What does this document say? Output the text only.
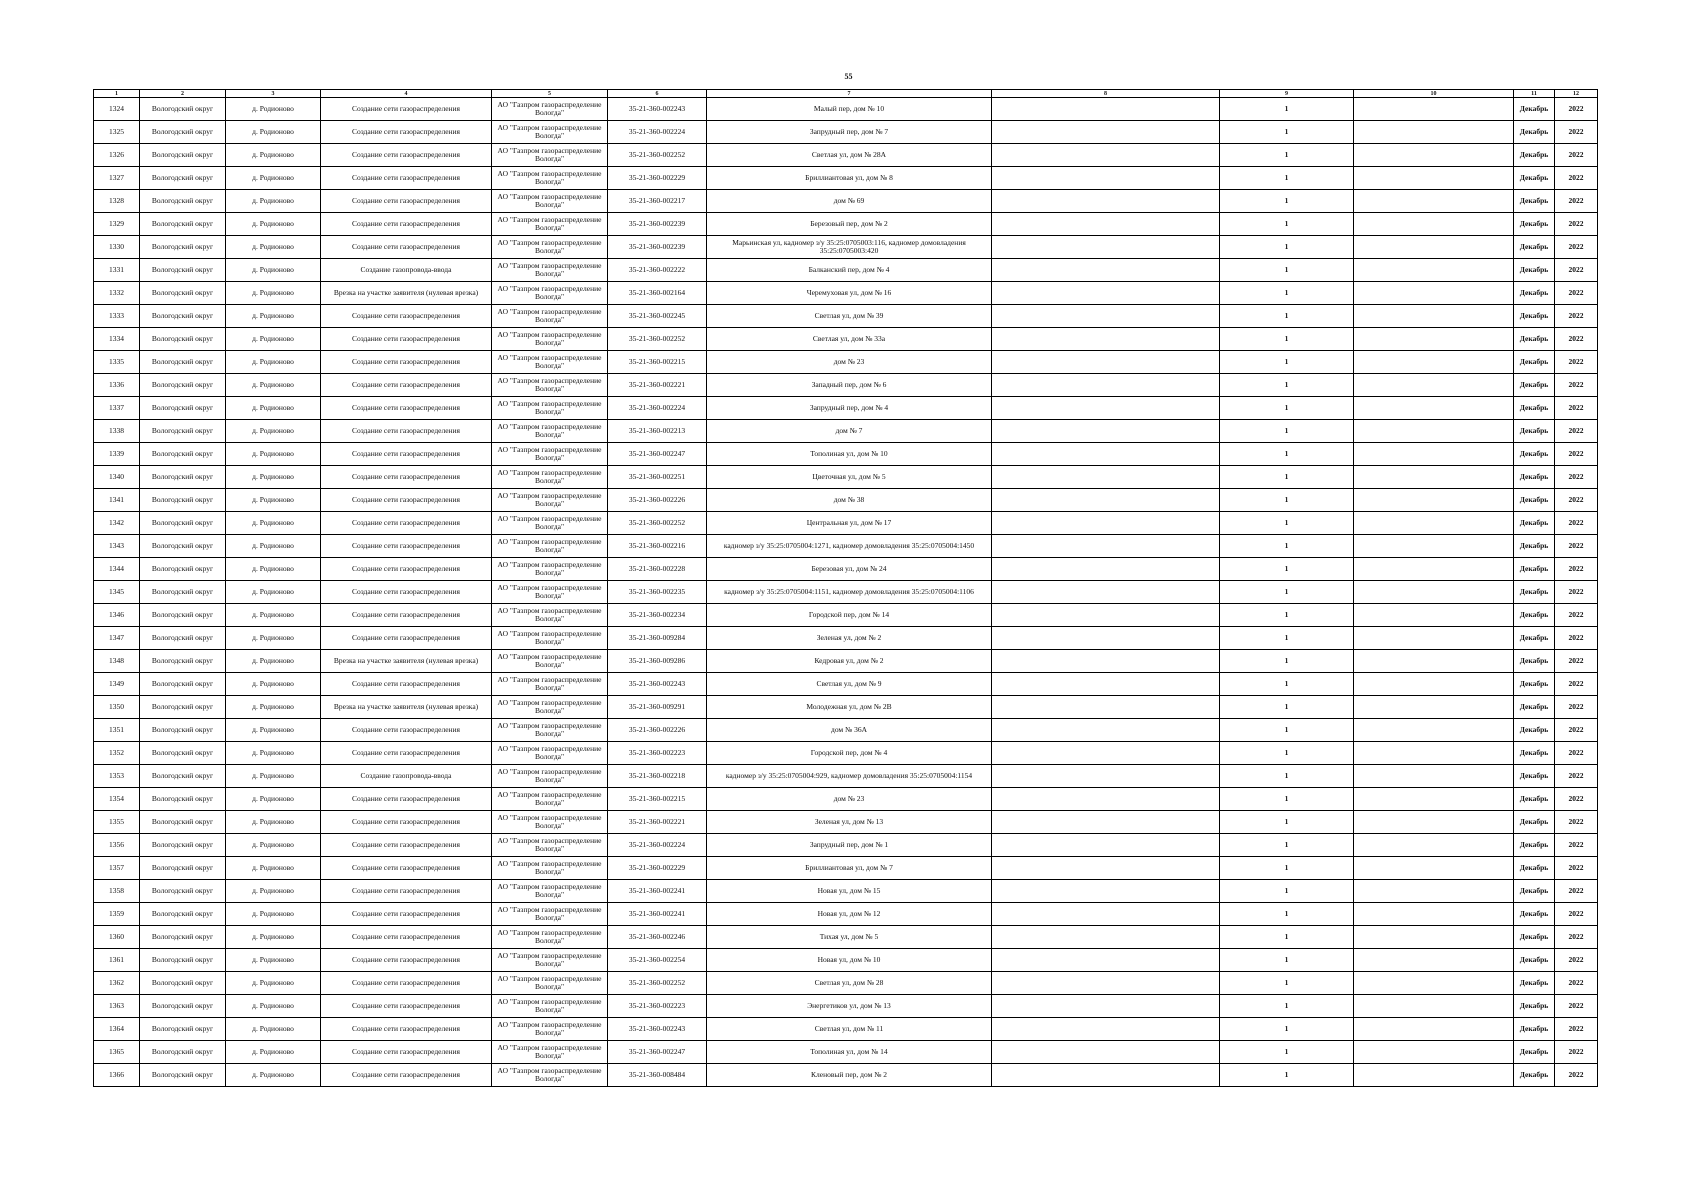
55
1	2	3	4	5	6	7	8	9	10	11	12
1324	Вологодский округ	д. Родионово	Создание сети газораспределения	АО "Газпром газораспределение Вологда"	35-21-360-002243	Малый пер, дом № 10		1		Декабрь	2022
1325	Вологодский округ	д. Родионово	Создание сети газораспределения	АО "Газпром газораспределение Вологда"	35-21-360-002224	Запрудный пер, дом № 7		1		Декабрь	2022
1326	Вологодский округ	д. Родионово	Создание сети газораспределения	АО "Газпром газораспределение Вологда"	35-21-360-002252	Светлая ул, дом № 28А		1		Декабрь	2022
1327	Вологодский округ	д. Родионово	Создание сети газораспределения	АО "Газпром газораспределение Вологда"	35-21-360-002229	Бриллиантовая ул, дом № 8		1		Декабрь	2022
1328	Вологодский округ	д. Родионово	Создание сети газораспределения	АО "Газпром газораспределение Вологда"	35-21-360-002217	дом № 69		1		Декабрь	2022
1329	Вологодский округ	д. Родионово	Создание сети газораспределения	АО "Газпром газораспределение Вологда"	35-21-360-002239	Березовый пер, дом № 2		1		Декабрь	2022
1330	Вологодский округ	д. Родионово	Создание сети газораспределения	АО "Газпром газораспределение Вологда"	35-21-360-002239	Марьинская ул, кадномер з/у 35:25:0705003:116, кадномер домовладения 35:25:0705003:420		1		Декабрь	2022
1331	Вологодский округ	д. Родионово	Создание газопровода-ввода	АО "Газпром газораспределение Вологда"	35-21-360-002222	Балканский пер, дом № 4		1		Декабрь	2022
1332	Вологодский округ	д. Родионово	Врезка на участке заявителя (нулевая врезка)	АО "Газпром газораспределение Вологда"	35-21-360-002164	Черемуховая ул, дом № 16		1		Декабрь	2022
1333	Вологодский округ	д. Родионово	Создание сети газораспределения	АО "Газпром газораспределение Вологда"	35-21-360-002245	Светлая ул, дом № 39		1		Декабрь	2022
1334	Вологодский округ	д. Родионово	Создание сети газораспределения	АО "Газпром газораспределение Вологда"	35-21-360-002252	Светлая ул, дом № 33а		1		Декабрь	2022
1335	Вологодский округ	д. Родионово	Создание сети газораспределения	АО "Газпром газораспределение Вологда"	35-21-360-002215	дом № 23		1		Декабрь	2022
1336	Вологодский округ	д. Родионово	Создание сети газораспределения	АО "Газпром газораспределение Вологда"	35-21-360-002221	Западный пер, дом № 6		1		Декабрь	2022
1337	Вологодский округ	д. Родионово	Создание сети газораспределения	АО "Газпром газораспределение Вологда"	35-21-360-002224	Запрудный пер, дом № 4		1		Декабрь	2022
1338	Вологодский округ	д. Родионово	Создание сети газораспределения	АО "Газпром газораспределение Вологда"	35-21-360-002213	дом № 7		1		Декабрь	2022
1339	Вологодский округ	д. Родионово	Создание сети газораспределения	АО "Газпром газораспределение Вологда"	35-21-360-002247	Тополиная ул, дом № 10		1		Декабрь	2022
1340	Вологодский округ	д. Родионово	Создание сети газораспределения	АО "Газпром газораспределение Вологда"	35-21-360-002251	Цветочная ул, дом № 5		1		Декабрь	2022
1341	Вологодский округ	д. Родионово	Создание сети газораспределения	АО "Газпром газораспределение Вологда"	35-21-360-002226	дом № 38		1		Декабрь	2022
1342	Вологодский округ	д. Родионово	Создание сети газораспределения	АО "Газпром газораспределение Вологда"	35-21-360-002252	Центральная ул, дом № 17		1		Декабрь	2022
1343	Вологодский округ	д. Родионово	Создание сети газораспределения	АО "Газпром газораспределение Вологда"	35-21-360-002216	кадномер з/у 35:25:0705004:1271, кадномер домовладения 35:25:0705004:1450		1		Декабрь	2022
1344	Вологодский округ	д. Родионово	Создание сети газораспределения	АО "Газпром газораспределение Вологда"	35-21-360-002228	Березовая ул, дом № 24		1		Декабрь	2022
1345	Вологодский округ	д. Родионово	Создание сети газораспределения	АО "Газпром газораспределение Вологда"	35-21-360-002235	кадномер з/у 35:25:0705004:1151, кадномер домовладения 35:25:0705004:1106		1		Декабрь	2022
1346	Вологодский округ	д. Родионово	Создание сети газораспределения	АО "Газпром газораспределение Вологда"	35-21-360-002234	Городской пер, дом № 14		1		Декабрь	2022
1347	Вологодский округ	д. Родионово	Создание сети газораспределения	АО "Газпром газораспределение Вологда"	35-21-360-009284	Зеленая ул, дом № 2		1		Декабрь	2022
1348	Вологодский округ	д. Родионово	Врезка на участке заявителя (нулевая врезка)	АО "Газпром газораспределение Вологда"	35-21-360-009286	Кедровая ул, дом № 2		1		Декабрь	2022
1349	Вологодский округ	д. Родионово	Создание сети газораспределения	АО "Газпром газораспределение Вологда"	35-21-360-002243	Светлая ул, дом № 9		1		Декабрь	2022
1350	Вологодский округ	д. Родионово	Врезка на участке заявителя (нулевая врезка)	АО "Газпром газораспределение Вологда"	35-21-360-009291	Молодежная ул, дом № 2В		1		Декабрь	2022
1351	Вологодский округ	д. Родионово	Создание сети газораспределения	АО "Газпром газораспределение Вологда"	35-21-360-002226	дом № 36А		1		Декабрь	2022
1352	Вологодский округ	д. Родионово	Создание сети газораспределения	АО "Газпром газораспределение Вологда"	35-21-360-002223	Городской пер, дом № 4		1		Декабрь	2022
1353	Вологодский округ	д. Родионово	Создание газопровода-ввода	АО "Газпром газораспределение Вологда"	35-21-360-002218	кадномер з/у 35:25:0705004:929, кадномер домовладения 35:25:0705004:1154		1		Декабрь	2022
1354	Вологодский округ	д. Родионово	Создание сети газораспределения	АО "Газпром газораспределение Вологда"	35-21-360-002215	дом № 23		1		Декабрь	2022
1355	Вологодский округ	д. Родионово	Создание сети газораспределения	АО "Газпром газораспределение Вологда"	35-21-360-002221	Зеленая ул, дом № 13		1		Декабрь	2022
1356	Вологодский округ	д. Родионово	Создание сети газораспределения	АО "Газпром газораспределение Вологда"	35-21-360-002224	Запрудный пер, дом № 1		1		Декабрь	2022
1357	Вологодский округ	д. Родионово	Создание сети газораспределения	АО "Газпром газораспределение Вологда"	35-21-360-002229	Бриллиантовая ул, дом № 7		1		Декабрь	2022
1358	Вологодский округ	д. Родионово	Создание сети газораспределения	АО "Газпром газораспределение Вологда"	35-21-360-002241	Новая ул, дом № 15		1		Декабрь	2022
1359	Вологодский округ	д. Родионово	Создание сети газораспределения	АО "Газпром газораспределение Вологда"	35-21-360-002241	Новая ул, дом № 12		1		Декабрь	2022
1360	Вологодский округ	д. Родионово	Создание сети газораспределения	АО "Газпром газораспределение Вологда"	35-21-360-002246	Тихая ул, дом № 5		1		Декабрь	2022
1361	Вологодский округ	д. Родионово	Создание сети газораспределения	АО "Газпром газораспределение Вологда"	35-21-360-002254	Новая ул, дом № 10		1		Декабрь	2022
1362	Вологодский округ	д. Родионово	Создание сети газораспределения	АО "Газпром газораспределение Вологда"	35-21-360-002252	Светлая ул, дом № 28		1		Декабрь	2022
1363	Вологодский округ	д. Родионово	Создание сети газораспределения	АО "Газпром газораспределение Вологда"	35-21-360-002223	Энергетиков ул, дом № 13		1		Декабрь	2022
1364	Вологодский округ	д. Родионово	Создание сети газораспределения	АО "Газпром газораспределение Вологда"	35-21-360-002243	Светлая ул, дом № 11		1		Декабрь	2022
1365	Вологодский округ	д. Родионово	Создание сети газораспределения	АО "Газпром газораспределение Вологда"	35-21-360-002247	Тополиная ул, дом № 14		1		Декабрь	2022
1366	Вологодский округ	д. Родионово	Создание сети газораспределения	АО "Газпром газораспределение Вологда"	35-21-360-008484	Кленовый пер, дом № 2		1		Декабрь	2022
